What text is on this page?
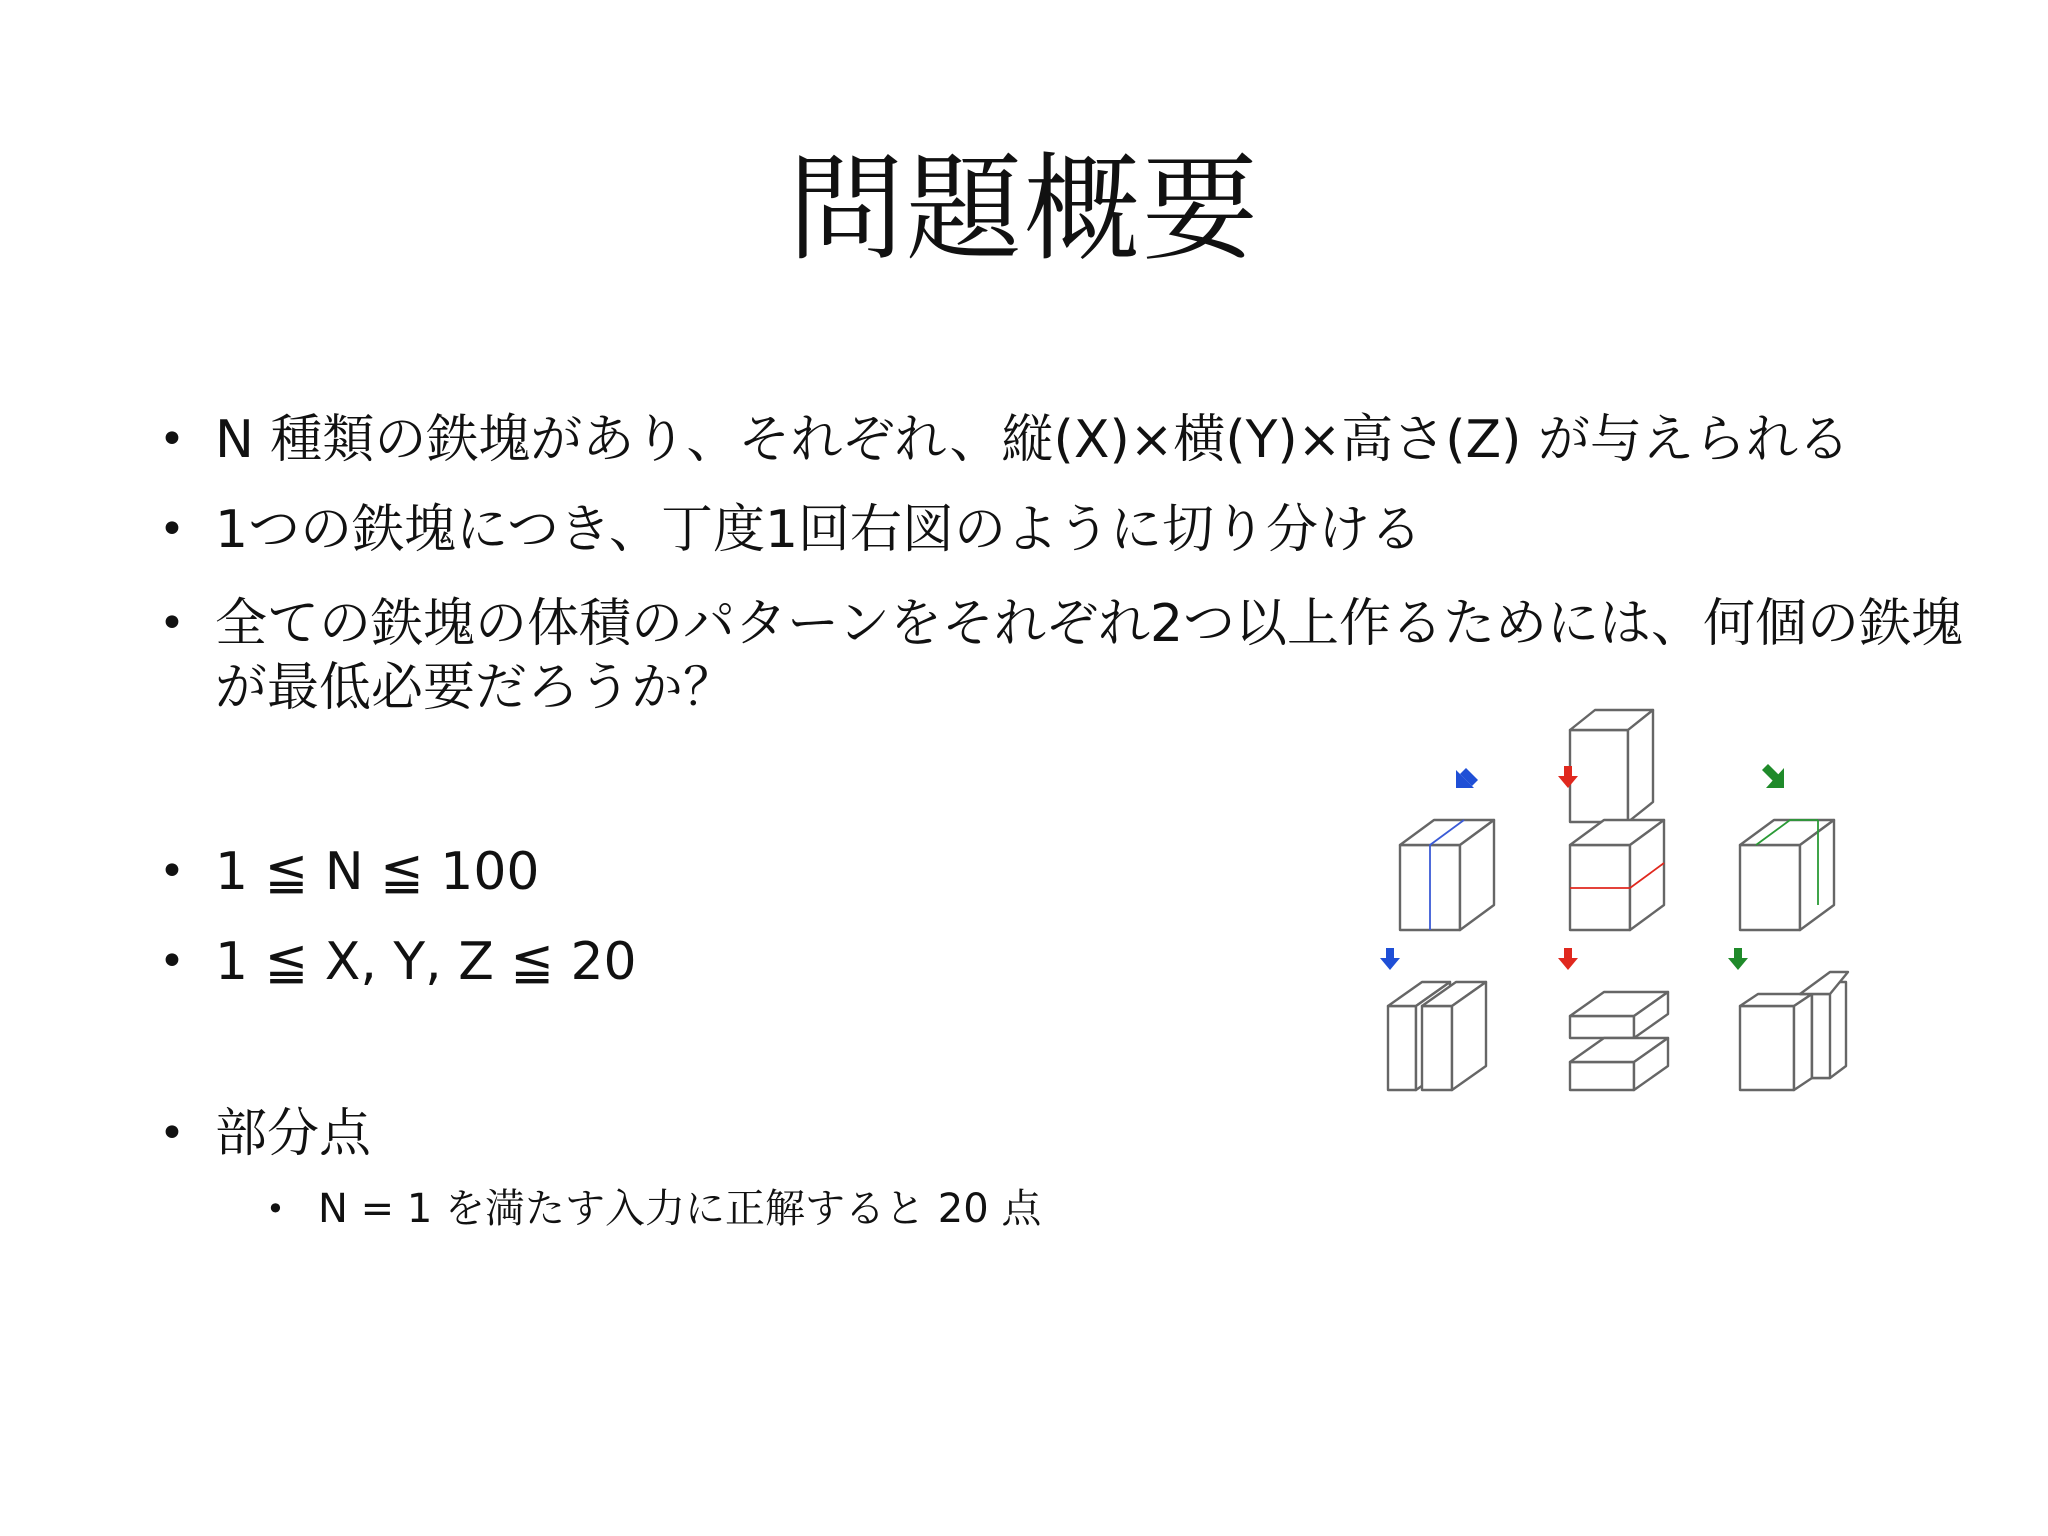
問題概要
• N 種類の鉄塊があり、それぞれ、縦(X)×横(Y)×高さ(Z) が与えられる
• 1つの鉄塊につき、丁度1回右図のように切り分ける
• 全ての鉄塊の体積のパターンをそれぞれ2つ以上作るためには、何個の鉄塊が最低必要だろうか？
• 1 ≦ N ≦ 100
• 1 ≦ X, Y, Z ≦ 20
• 部分点
• N = 1 を満たす入力に正解すると 20 点
